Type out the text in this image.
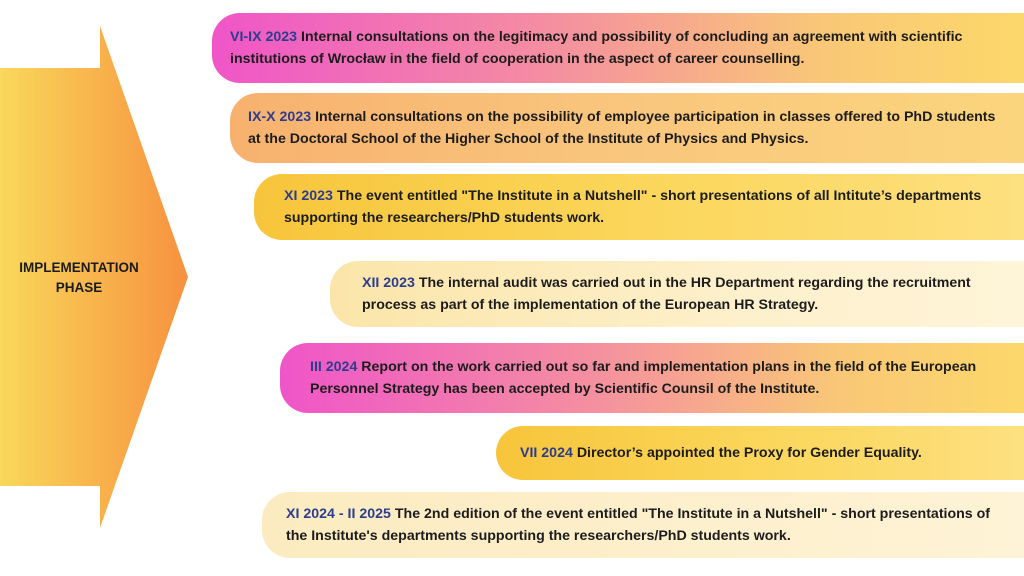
IMPLEMENTATION
PHASE
VI-IX 2023 Internal consultations on the legitimacy and possibility of concluding an agreement with scientific institutions of Wrocław in the field of cooperation in the aspect of career counselling.
IX-X 2023 Internal consultations on the possibility of employee participation in classes offered to PhD students at the Doctoral School of the Higher School of the Institute of Physics and Physics.
XI 2023 The event entitled "The Institute in a Nutshell" - short presentations of all Intitute’s departments supporting the researchers/PhD students work.
XII 2023 The internal audit was carried out in the HR Department regarding the recruitment process as part of the implementation of the European HR Strategy.
III 2024 Report on the work carried out so far and implementation plans in the field of the European Personnel Strategy has been accepted by Scientific Counsil of the Institute.
VII 2024 Director’s appointed the Proxy for Gender Equality.
XI 2024 - II 2025 The 2nd edition of the event entitled "The Institute in a Nutshell" - short presentations of the Institute's departments supporting the researchers/PhD students work.
